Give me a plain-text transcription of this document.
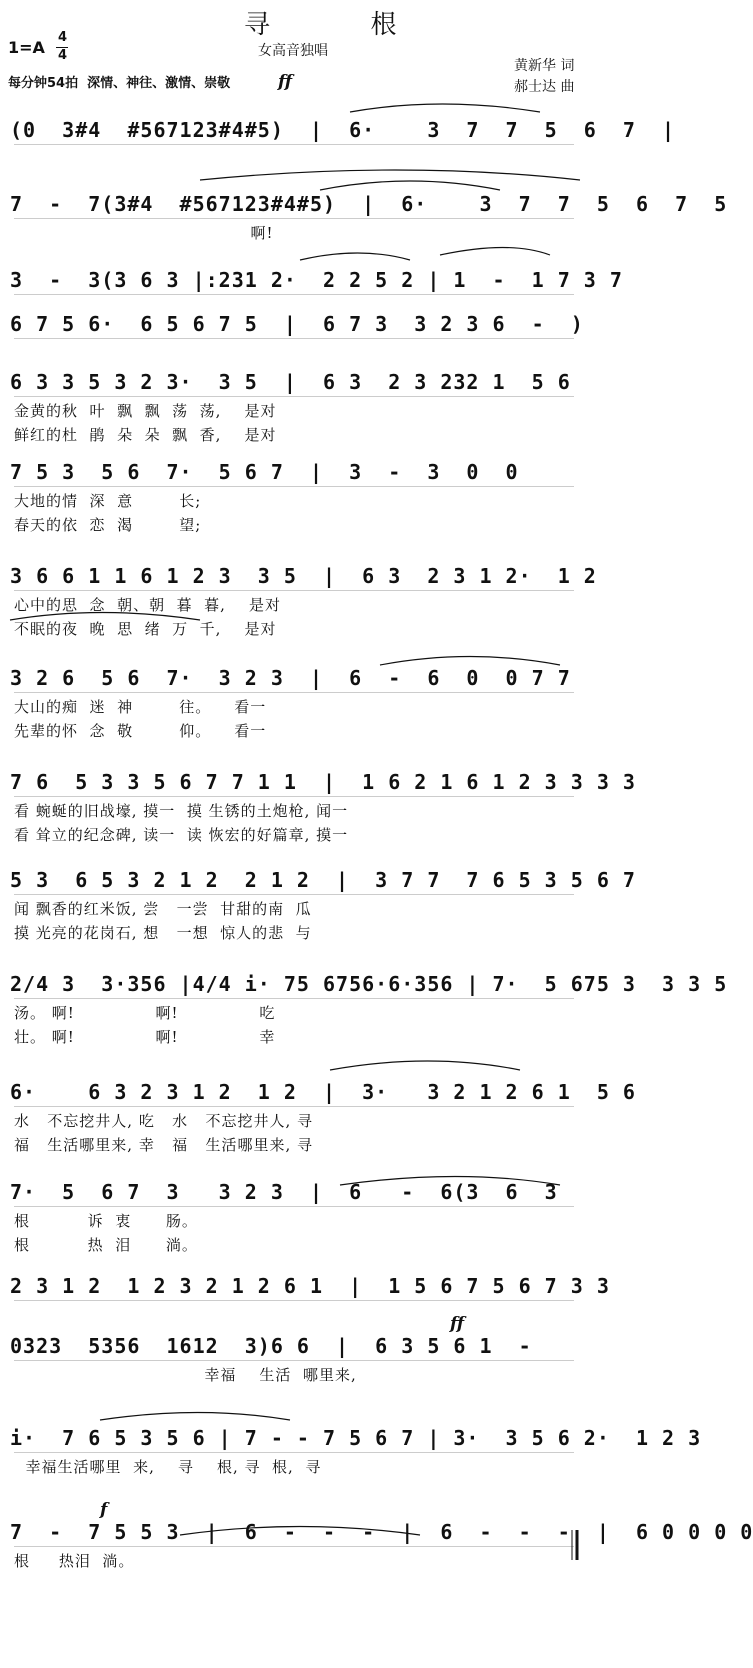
寻  根
女高音独唱
1=A
4
4
每分钟54拍  深情、神往、激情、崇敬	ff
黄新华 词
郝士达 曲
(0  3#4  #567123#4#5)  |  6·    3  7  7  5  6  7  |
7  -  7(3#4  #567123#4#5)  |  6·    3  7  7  5  6  7  5
啊!
3  -  3(3 6 3 |:231 2·  2 2 5 2 | 1  -  1 7 3 7
6 7 5 6·  6 5 6 7 5  |  6 7 3  3 2 3 6  -  )
6 3 3 5 3 2 3·  3 5  |  6 3  2 3 232 1  5 6
金黄的秋  叶  飘  飘  荡  荡,    是对
鲜红的杜  鹃  朵  朵  飘  香,    是对
7 5 3  5 6  7·  5 6 7  |  3  -  3  0  0
大地的情  深  意        长;
春天的依  恋  渴        望;
3 6 6 1 1 6 1 2 3  3 5  |  6 3  2 3 1 2·  1 2
心中的思  念  朝、朝  暮  暮,    是对
不眠的夜  晚  思  绪  万  千,    是对
3 2 6  5 6  7·  3 2 3  |  6  -  6  0  0 7 7
大山的痴  迷  神        往。    看一
先辈的怀  念  敬        仰。    看一
7 6  5 3 3 5 6 7 7 1 1  |  1 6 2 1 6 1 2 3 3 3 3
看 蜿蜒的旧战壕, 摸一  摸 生锈的土炮枪, 闻一
看 耸立的纪念碑, 读一  读 恢宏的好篇章, 摸一
5 3  6 5 3 2 1 2  2 1 2  |  3 7 7  7 6 5 3 5 6 7
闻 飘香的红米饭, 尝   一尝  甘甜的南  瓜
摸 光亮的花岗石, 想   一想  惊人的悲  与
2/4 3  3·356 |4/4 i· 75 6756·6·356 | 7·  5 675 3  3 3 5
汤。 啊!              啊!              吃
壮。 啊!              啊!              幸
6·    6 3 2 3 1 2  1 2  |  3·   3 2 1 2 6 1  5 6
水   不忘挖井人, 吃   水   不忘挖井人, 寻
福   生活哪里来, 幸   福   生活哪里来, 寻
7·  5  6 7  3   3 2 3  |  6   -  6(3  6  3
根          诉  衷      肠。
根          热  泪      淌。
2 3 1 2  1 2 3 2 1 2 6 1  |  1 5 6 7 5 6 7 3 3
0323  5356  1612  3)6 6  |  6 3 5 6 1  -
ff
幸福    生活  哪里来,
i·  7 6 5 3 5 6 | 7 - - 7 5 6 7 | 3·  3 5 6 2·  1 2 3
幸福生活哪里  来,    寻    根, 寻  根,  寻
7  -  7 5 5 3  |  6  -  -  -  |  6  -  -  -  |  6 0 0 0 0
f
根     热泪  淌。
